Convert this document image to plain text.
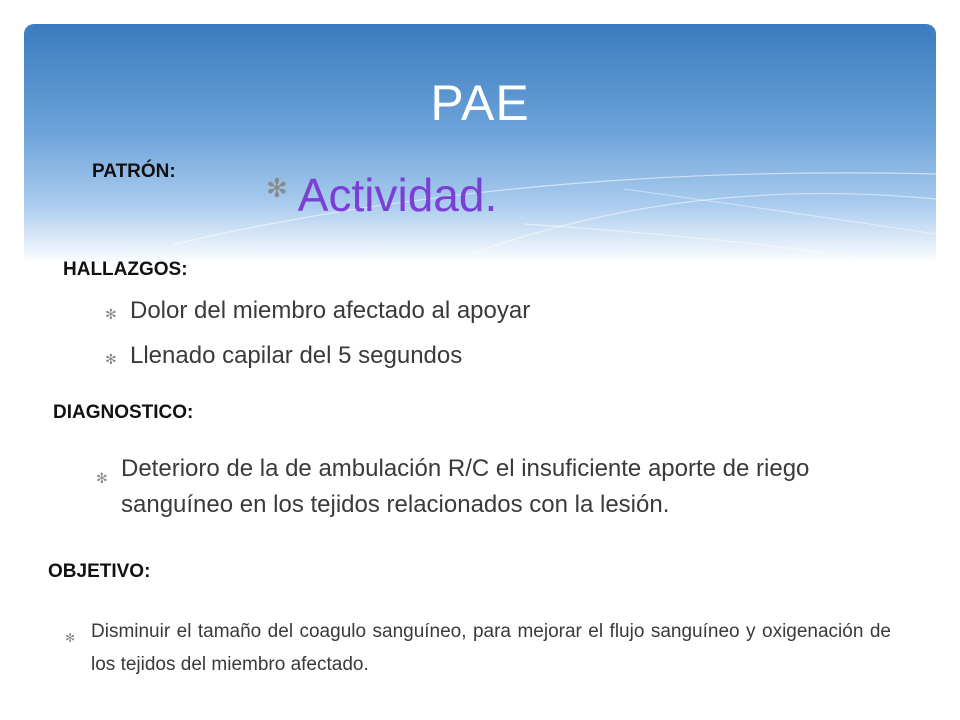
PAE
PATRÓN:
✻ Actividad.
HALLAZGOS:
✻ Dolor del miembro afectado al apoyar
✻ Llenado capilar del 5 segundos
DIAGNOSTICO:
✻ Deterioro de la de ambulación R/C el insuficiente aporte de riego sanguíneo en los tejidos relacionados con la lesión.
OBJETIVO:
✻ Disminuir el tamaño del coagulo sanguíneo, para mejorar el flujo sanguíneo y oxigenación de los tejidos del miembro afectado.
